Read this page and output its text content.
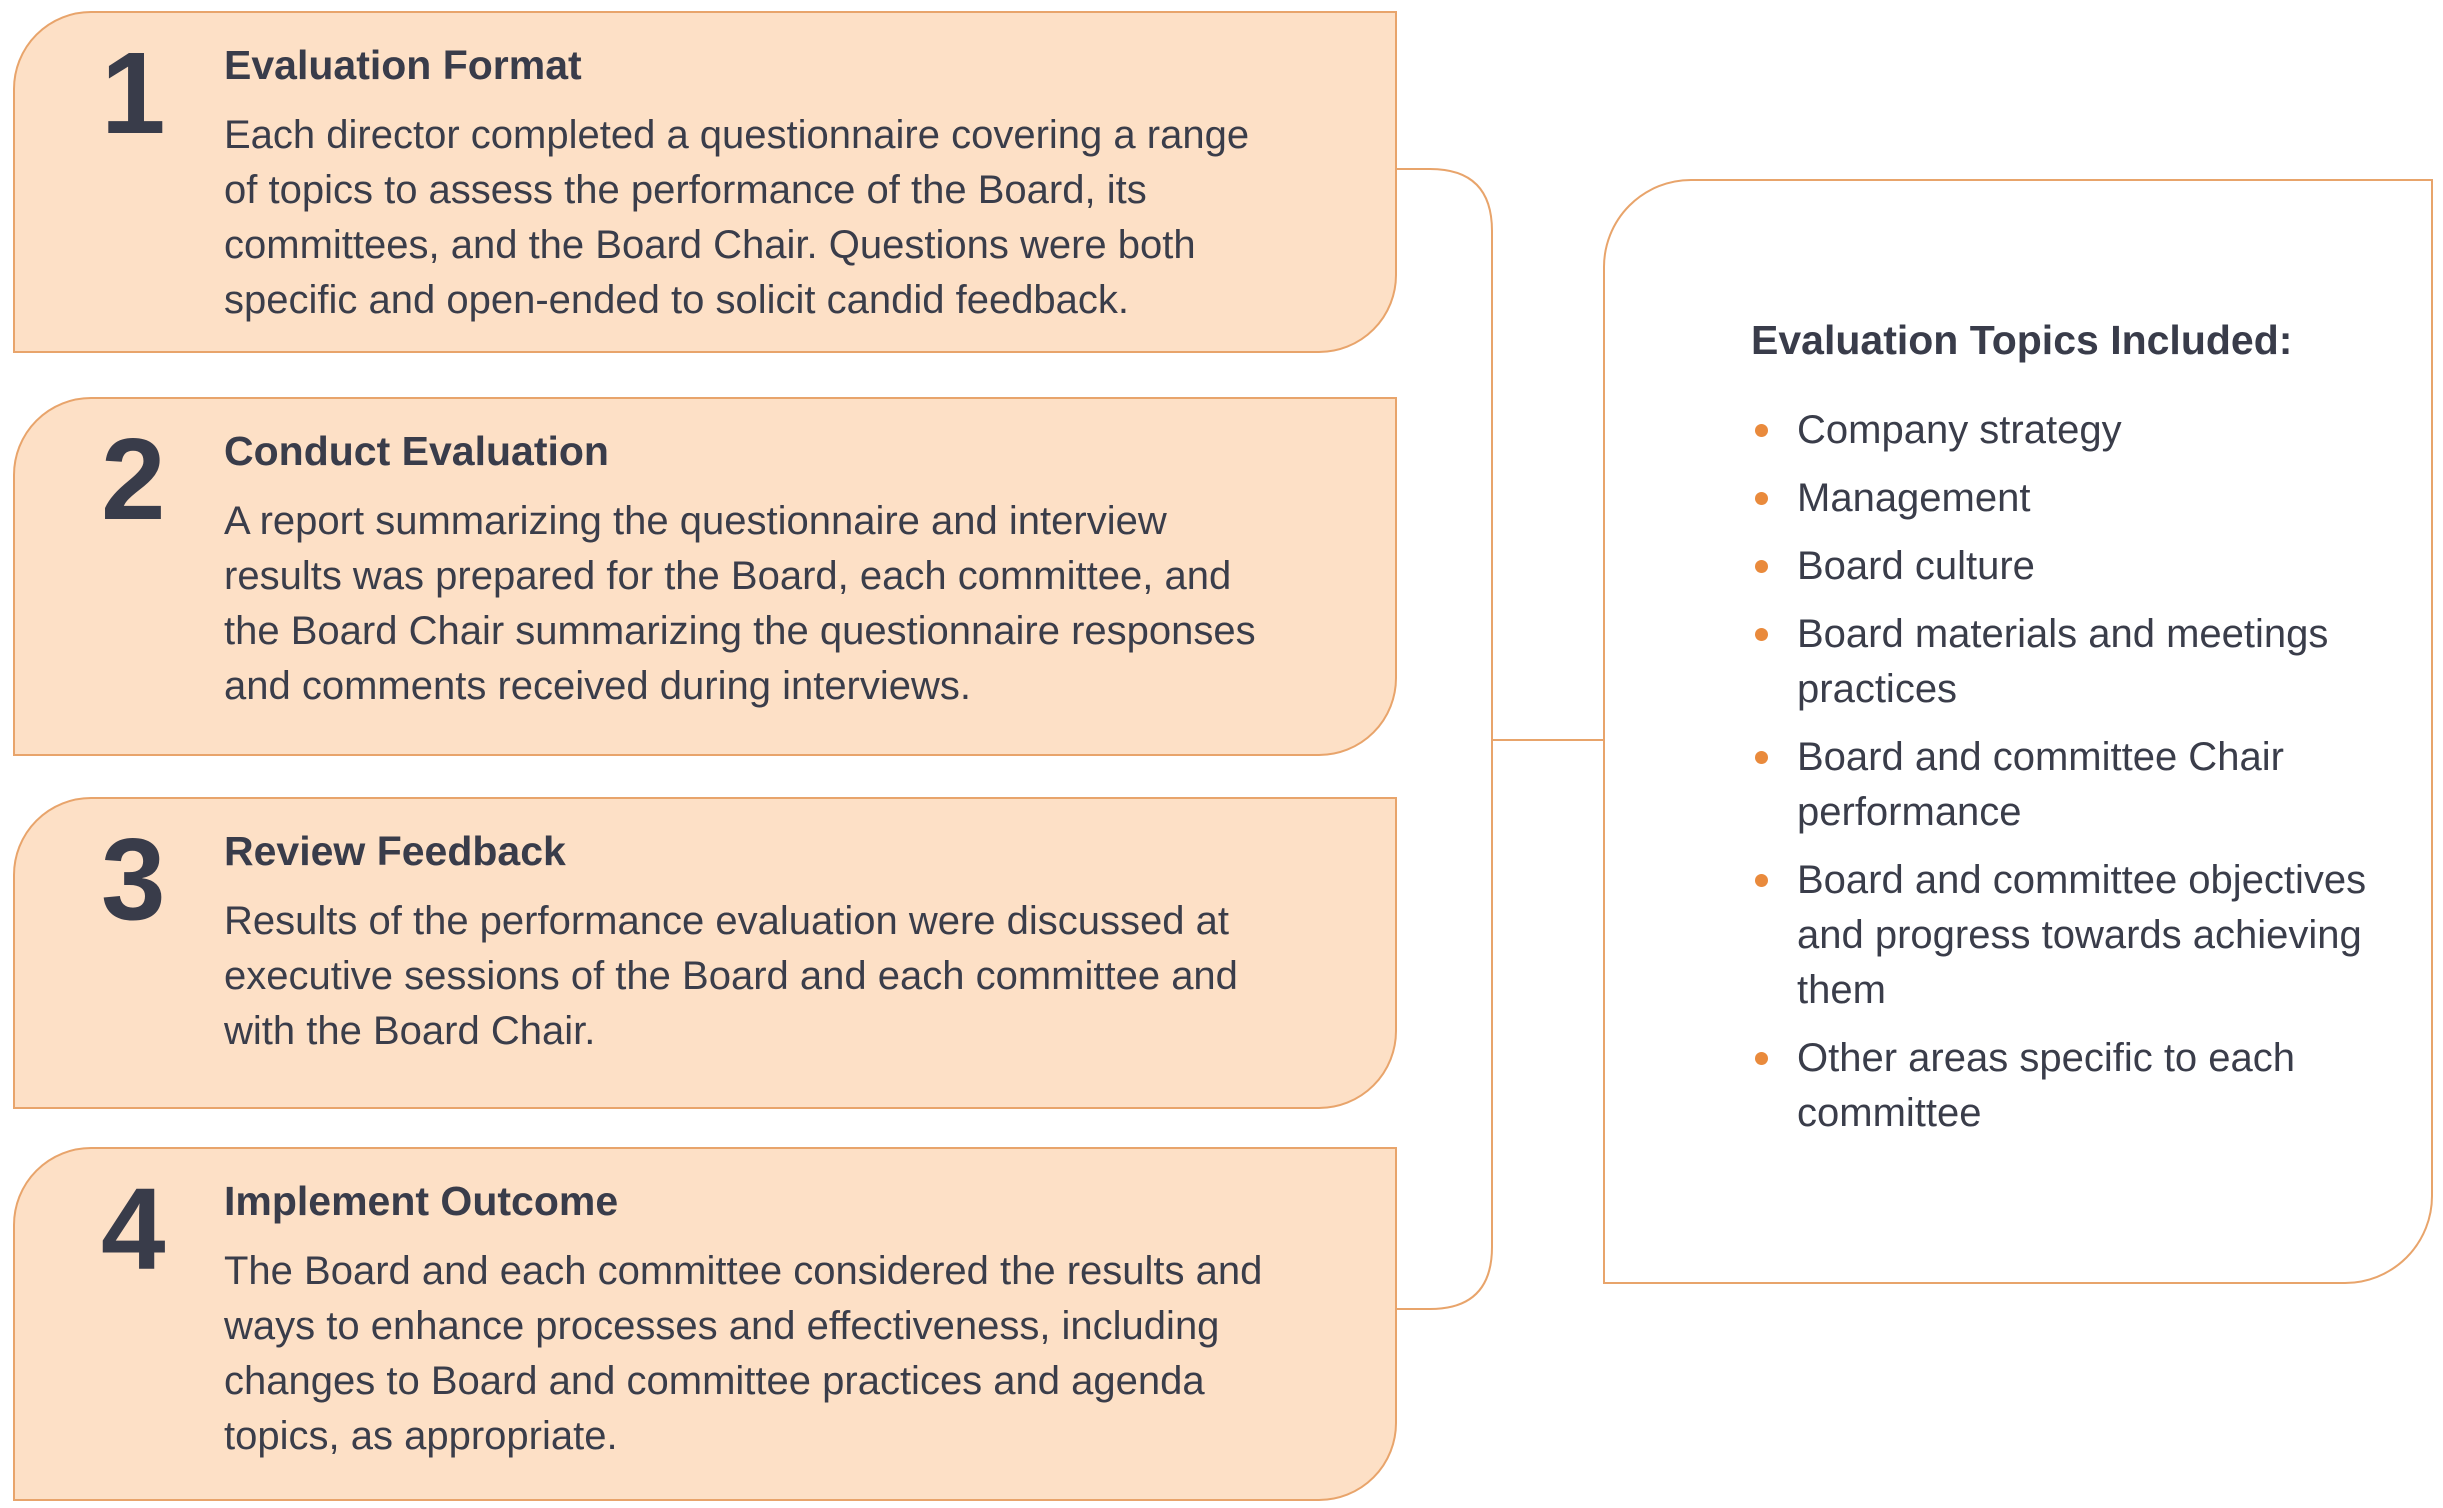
1 Evaluation Format

Each director completed a questionnaire covering a range of topics to assess the performance of the Board, its committees, and the Board Chair. Questions were both specific and open-ended to solicit candid feedback.

2 Conduct Evaluation

A report summarizing the questionnaire and interview results was prepared for the Board, each committee, and the Board Chair summarizing the questionnaire responses and comments received during interviews.

3 Review Feedback

Results of the performance evaluation were discussed at executive sessions of the Board and each committee and with the Board Chair.

4 Implement Outcome

The Board and each committee considered the results and ways to enhance processes and effectiveness, including changes to Board and committee practices and agenda topics, as appropriate.

Evaluation Topics Included:
Company strategy
Management
Board culture
Board materials and meetings practices
Board and committee Chair performance
Board and committee objectives and progress towards achieving them
Other areas specific to each committee
